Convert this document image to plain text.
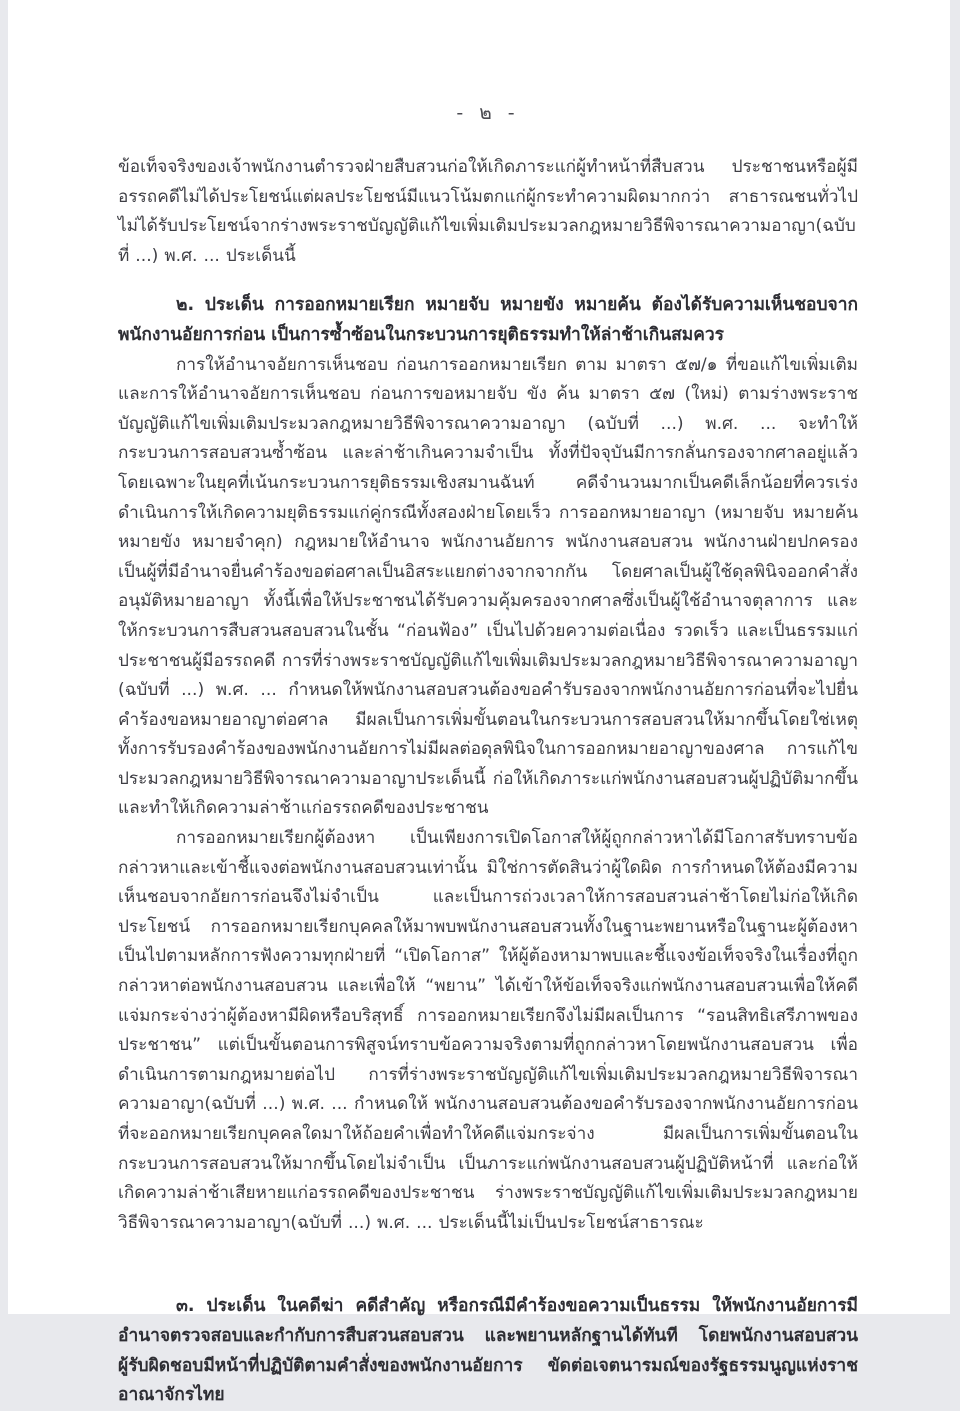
- ๒ -

ข้อเท็จจริงของเจ้าพนักงานตำรวจฝ่ายสืบสวนก่อให้เกิดภาระแก่ผู้ทำหน้าที่สืบสวน ประชาชนหรือผู้มีอรรถคดีไม่ได้ประโยชน์แต่ผลประโยชน์มีแนวโน้มตกแก่ผู้กระทำความผิดมากกว่า สาธารณชนทั่วไปไม่ได้รับประโยชน์จากร่างพระราชบัญญัติแก้ไขเพิ่มเติมประมวลกฎหมายวิธีพิจารณาความอาญา(ฉบับที่ ...) พ.ศ. ... ประเด็นนี้

๒. ประเด็น การออกหมายเรียก หมายจับ หมายขัง หมายค้น ต้องได้รับความเห็นชอบจากพนักงานอัยการก่อน เป็นการซ้ำซ้อนในกระบวนการยุติธรรมทำให้ล่าช้าเกินสมควร

การให้อำนาจอัยการเห็นชอบ ก่อนการออกหมายเรียก ตาม มาตรา ๕๗/๑ ที่ขอแก้ไขเพิ่มเติม และการให้อำนาจอัยการเห็นชอบ ก่อนการขอหมายจับ ขัง ค้น มาตรา ๕๗ (ใหม่) ตามร่างพระราชบัญญัติแก้ไขเพิ่มเติมประมวลกฎหมายวิธีพิจารณาความอาญา (ฉบับที่ ...) พ.ศ. ... จะทำให้กระบวนการสอบสวนซ้ำซ้อน และล่าช้าเกินความจำเป็น ทั้งที่ปัจจุบันมีการกลั่นกรองจากศาลอยู่แล้ว โดยเฉพาะในยุคที่เน้นกระบวนการยุติธรรมเชิงสมานฉันท์ คดีจำนวนมากเป็นคดีเล็กน้อยที่ควรเร่งดำเนินการให้เกิดความยุติธรรมแก่คู่กรณีทั้งสองฝ่ายโดยเร็ว การออกหมายอาญา (หมายจับ หมายค้น หมายขัง หมายจำคุก) กฎหมายให้อำนาจ พนักงานอัยการ พนักงานสอบสวน พนักงานฝ่ายปกครอง เป็นผู้ที่มีอำนาจยื่นคำร้องขอต่อศาลเป็นอิสระแยกต่างจากจากกัน โดยศาลเป็นผู้ใช้ดุลพินิจออกคำสั่งอนุมัติหมายอาญา ทั้งนี้เพื่อให้ประชาชนได้รับความคุ้มครองจากศาลซึ่งเป็นผู้ใช้อำนาจตุลาการ และให้กระบวนการสืบสวนสอบสวนในชั้น “ก่อนฟ้อง” เป็นไปด้วยความต่อเนื่อง รวดเร็ว และเป็นธรรมแก่ประชาชนผู้มีอรรถคดี การที่ร่างพระราชบัญญัติแก้ไขเพิ่มเติมประมวลกฎหมายวิธีพิจารณาความอาญา (ฉบับที่ ...) พ.ศ. ... กำหนดให้พนักงานสอบสวนต้องขอคำรับรองจากพนักงานอัยการก่อนที่จะไปยื่นคำร้องขอหมายอาญาต่อศาล มีผลเป็นการเพิ่มขั้นตอนในกระบวนการสอบสวนให้มากขึ้นโดยใช่เหตุ ทั้งการรับรองคำร้องของพนักงานอัยการไม่มีผลต่อดุลพินิจในการออกหมายอาญาของศาล การแก้ไขประมวลกฎหมายวิธีพิจารณาความอาญาประเด็นนี้ ก่อให้เกิดภาระแก่พนักงานสอบสวนผู้ปฏิบัติมากขึ้น และทำให้เกิดความล่าช้าแก่อรรถคดีของประชาชน

การออกหมายเรียกผู้ต้องหา เป็นเพียงการเปิดโอกาสให้ผู้ถูกกล่าวหาได้มีโอกาสรับทราบข้อกล่าวหาและเข้าชี้แจงต่อพนักงานสอบสวนเท่านั้น มิใช่การตัดสินว่าผู้ใดผิด การกำหนดให้ต้องมีความเห็นชอบจากอัยการก่อนจึงไม่จำเป็น และเป็นการถ่วงเวลาให้การสอบสวนล่าช้าโดยไม่ก่อให้เกิดประโยชน์ การออกหมายเรียกบุคคลให้มาพบพนักงานสอบสวนทั้งในฐานะพยานหรือในฐานะผู้ต้องหาเป็นไปตามหลักการฟังความทุกฝ่ายที่ “เปิดโอกาส” ให้ผู้ต้องหามาพบและชี้แจงข้อเท็จจริงในเรื่องที่ถูกกล่าวหาต่อพนักงานสอบสวน และเพื่อให้ “พยาน” ได้เข้าให้ข้อเท็จจริงแก่พนักงานสอบสวนเพื่อให้คดีแจ่มกระจ่างว่าผู้ต้องหามีผิดหรือบริสุทธิ์ การออกหมายเรียกจึงไม่มีผลเป็นการ “รอนสิทธิเสรีภาพของประชาชน” แต่เป็นขั้นตอนการพิสูจน์ทราบข้อความจริงตามที่ถูกกล่าวหาโดยพนักงานสอบสวน เพื่อดำเนินการตามกฎหมายต่อไป การที่ร่างพระราชบัญญัติแก้ไขเพิ่มเติมประมวลกฎหมายวิธีพิจารณาความอาญา(ฉบับที่ ...) พ.ศ. ... กำหนดให้ พนักงานสอบสวนต้องขอคำรับรองจากพนักงานอัยการก่อนที่จะออกหมายเรียกบุคคลใดมาให้ถ้อยคำเพื่อทำให้คดีแจ่มกระจ่าง มีผลเป็นการเพิ่มขั้นตอนในกระบวนการสอบสวนให้มากขึ้นโดยไม่จำเป็น เป็นภาระแก่พนักงานสอบสวนผู้ปฏิบัติหน้าที่ และก่อให้เกิดความล่าช้าเสียหายแก่อรรถคดีของประชาชน ร่างพระราชบัญญัติแก้ไขเพิ่มเติมประมวลกฎหมายวิธีพิจารณาความอาญา(ฉบับที่ ...) พ.ศ. ... ประเด็นนี้ไม่เป็นประโยชน์สาธารณะ

๓. ประเด็น ในคดีฆ่า คดีสำคัญ หรือกรณีมีคำร้องขอความเป็นธรรม ให้พนักงานอัยการมีอำนาจตรวจสอบและกำกับการสืบสวนสอบสวน และพยานหลักฐานได้ทันที โดยพนักงานสอบสวนผู้รับผิดชอบมีหน้าที่ปฏิบัติตามคำสั่งของพนักงานอัยการ ขัดต่อเจตนารมณ์ของรัฐธรรมนูญแห่งราชอาณาจักรไทย
